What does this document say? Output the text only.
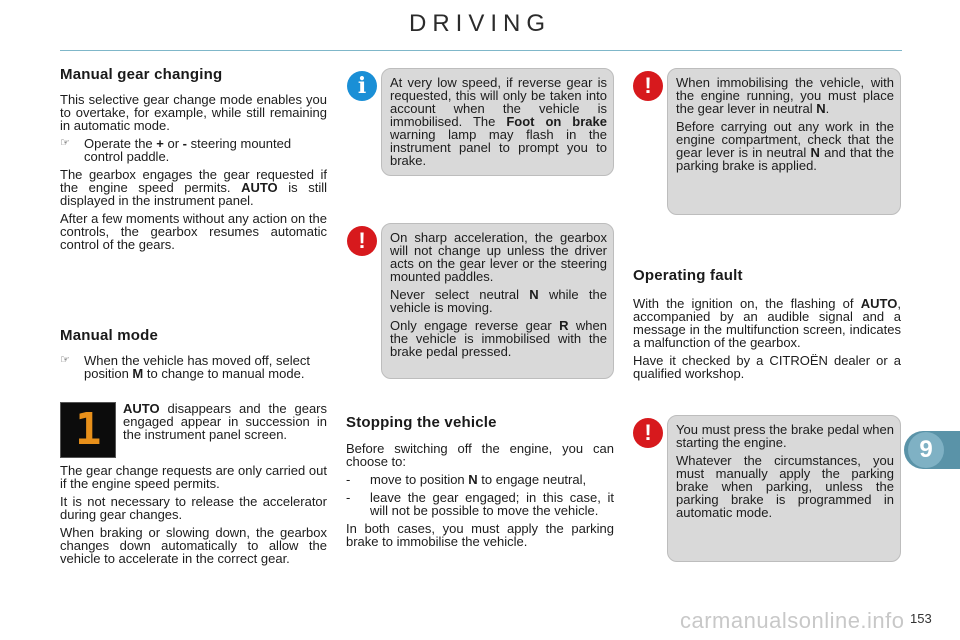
DRIVING
Manual gear changing

This selective gear change mode enables you to overtake, for example, while still remaining in automatic mode.

☞ Operate the + or - steering mounted control paddle.

The gearbox engages the gear requested if the engine speed permits. AUTO is still displayed in the instrument panel.

After a few moments without any action on the controls, the gearbox resumes automatic control of the gears.

Manual mode

☞ When the vehicle has moved off, select position M to change to manual mode.

1 AUTO disappears and the gears engaged appear in succession in the instrument panel screen.

The gear change requests are only carried out if the engine speed permits.

It is not necessary to release the accelerator during gear changes.

When braking or slowing down, the gearbox changes down automatically to allow the vehicle to accelerate in the correct gear.

i At very low speed, if reverse gear is requested, this will only be taken into account when the vehicle is immobilised. The Foot on brake warning lamp may flash in the instrument panel to prompt you to brake.

! On sharp acceleration, the gearbox will not change up unless the driver acts on the gear lever or the steering mounted paddles.

Never select neutral N while the vehicle is moving.

Only engage reverse gear R when the vehicle is immobilised with the brake pedal pressed.

Stopping the vehicle

Before switching off the engine, you can choose to:

- move to position N to engage neutral,

- leave the gear engaged; in this case, it will not be possible to move the vehicle.

In both cases, you must apply the parking brake to immobilise the vehicle.

! When immobilising the vehicle, with the engine running, you must place the gear lever in neutral N.

Before carrying out any work in the engine compartment, check that the gear lever is in neutral N and that the parking brake is applied.

Operating fault

With the ignition on, the flashing of AUTO, accompanied by an audible signal and a message in the multifunction screen, indicates a malfunction of the gearbox.

Have it checked by a CITROËN dealer or a qualified workshop.

! You must press the brake pedal when starting the engine.

Whatever the circumstances, you must manually apply the parking brake when parking, unless the parking brake is programmed in automatic mode.

9
carmanualsonline.info 153
